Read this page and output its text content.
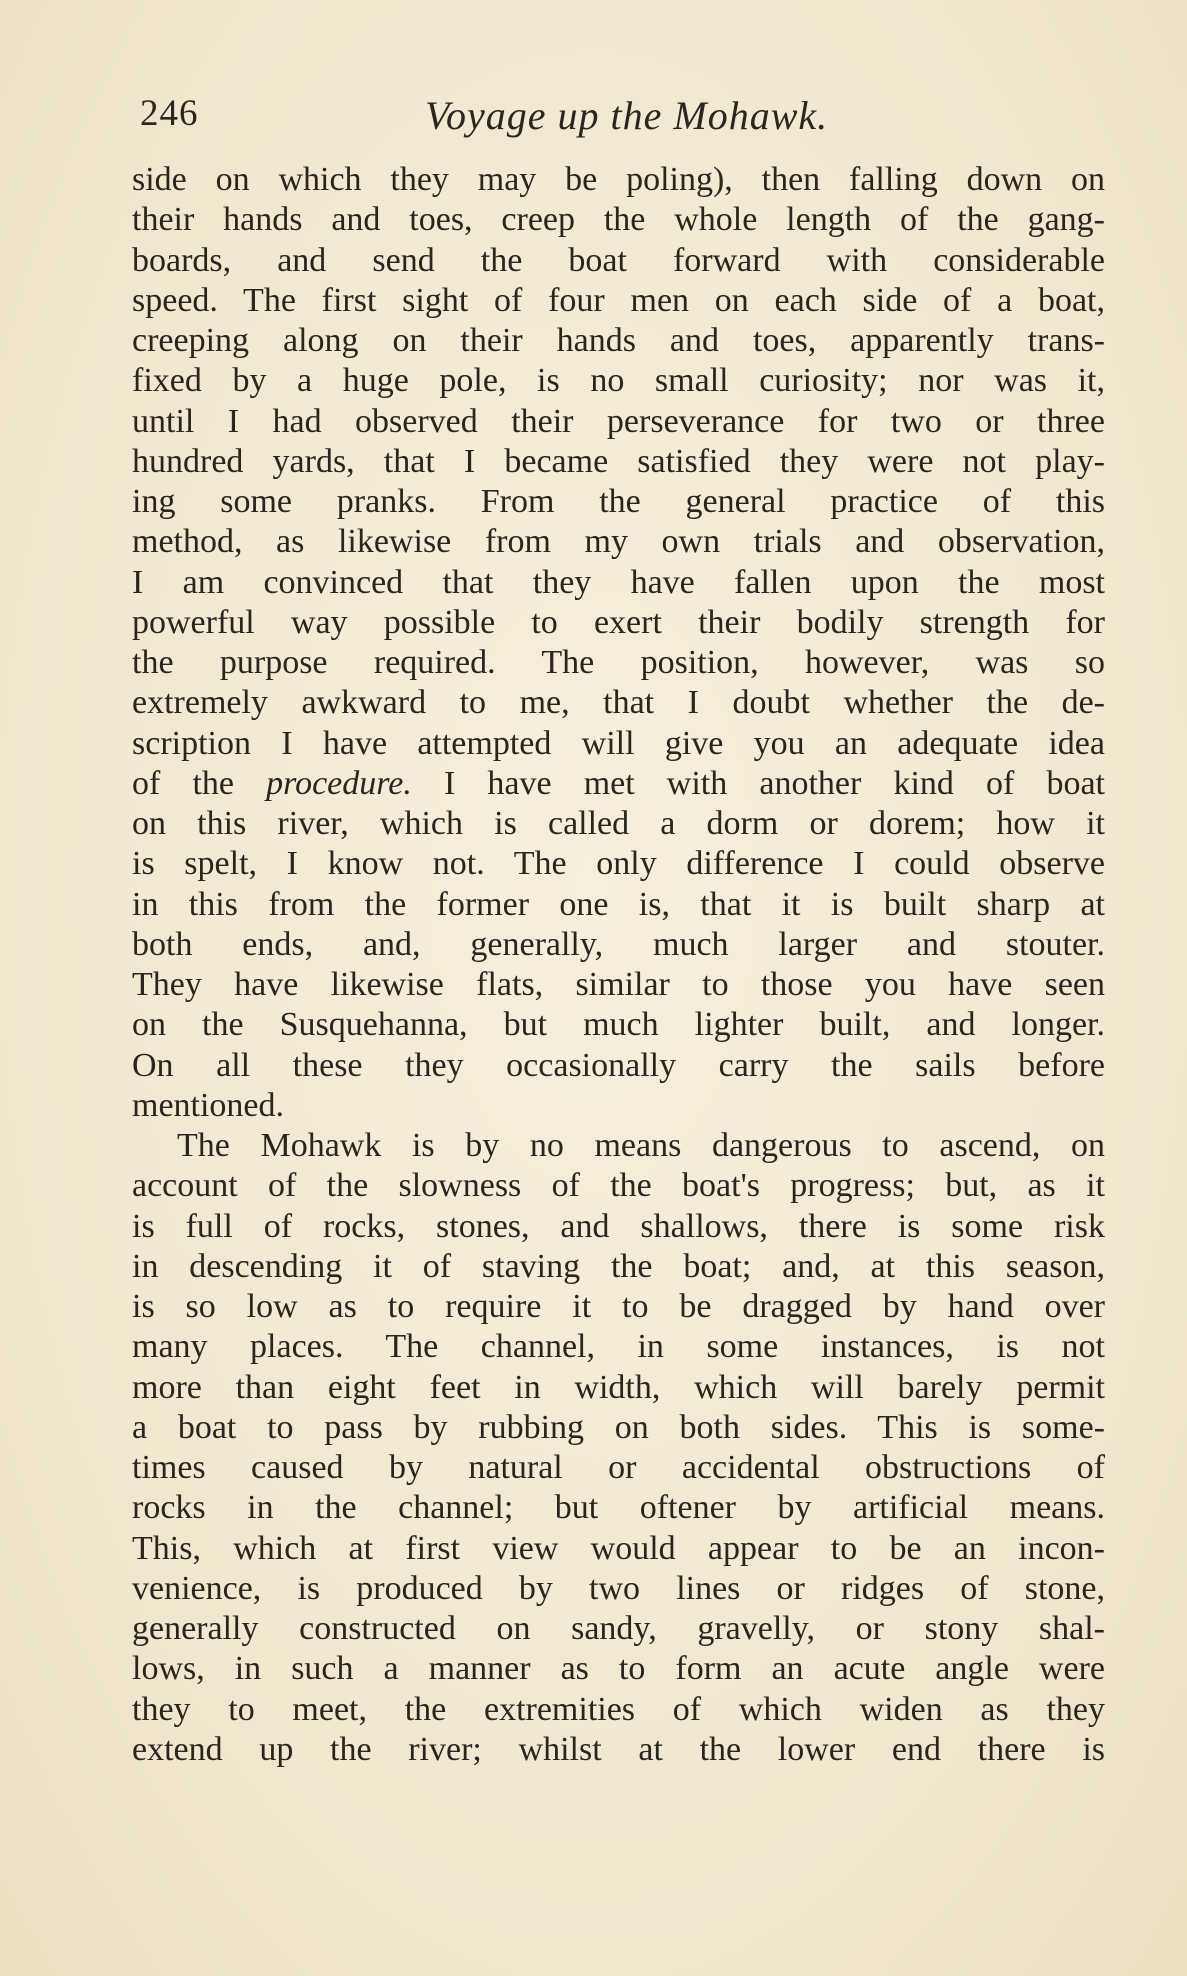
246	Voyage up the Mohawk.
side on which they may be poling), then falling down on
their hands and toes, creep the whole length of the gang-
boards, and send the boat forward with considerable
speed. The first sight of four men on each side of a boat,
creeping along on their hands and toes, apparently trans-
fixed by a huge pole, is no small curiosity; nor was it,
until I had observed their perseverance for two or three
hundred yards, that I became satisfied they were not play-
ing some pranks. From the general practice of this
method, as likewise from my own trials and observation,
I am convinced that they have fallen upon the most
powerful way possible to exert their bodily strength for
the purpose required. The position, however, was so
extremely awkward to me, that I doubt whether the de-
scription I have attempted will give you an adequate idea
of the procedure. I have met with another kind of boat
on this river, which is called a dorm or dorem; how it
is spelt, I know not. The only difference I could observe
in this from the former one is, that it is built sharp at
both ends, and, generally, much larger and stouter.
They have likewise flats, similar to those you have seen
on the Susquehanna, but much lighter built, and longer.
On all these they occasionally carry the sails before
mentioned.
The Mohawk is by no means dangerous to ascend, on
account of the slowness of the boat's progress; but, as it
is full of rocks, stones, and shallows, there is some risk
in descending it of staving the boat; and, at this season,
is so low as to require it to be dragged by hand over
many places. The channel, in some instances, is not
more than eight feet in width, which will barely permit
a boat to pass by rubbing on both sides. This is some-
times caused by natural or accidental obstructions of
rocks in the channel; but oftener by artificial means.
This, which at first view would appear to be an incon-
venience, is produced by two lines or ridges of stone,
generally constructed on sandy, gravelly, or stony shal-
lows, in such a manner as to form an acute angle were
they to meet, the extremities of which widen as they
extend up the river; whilst at the lower end there is
